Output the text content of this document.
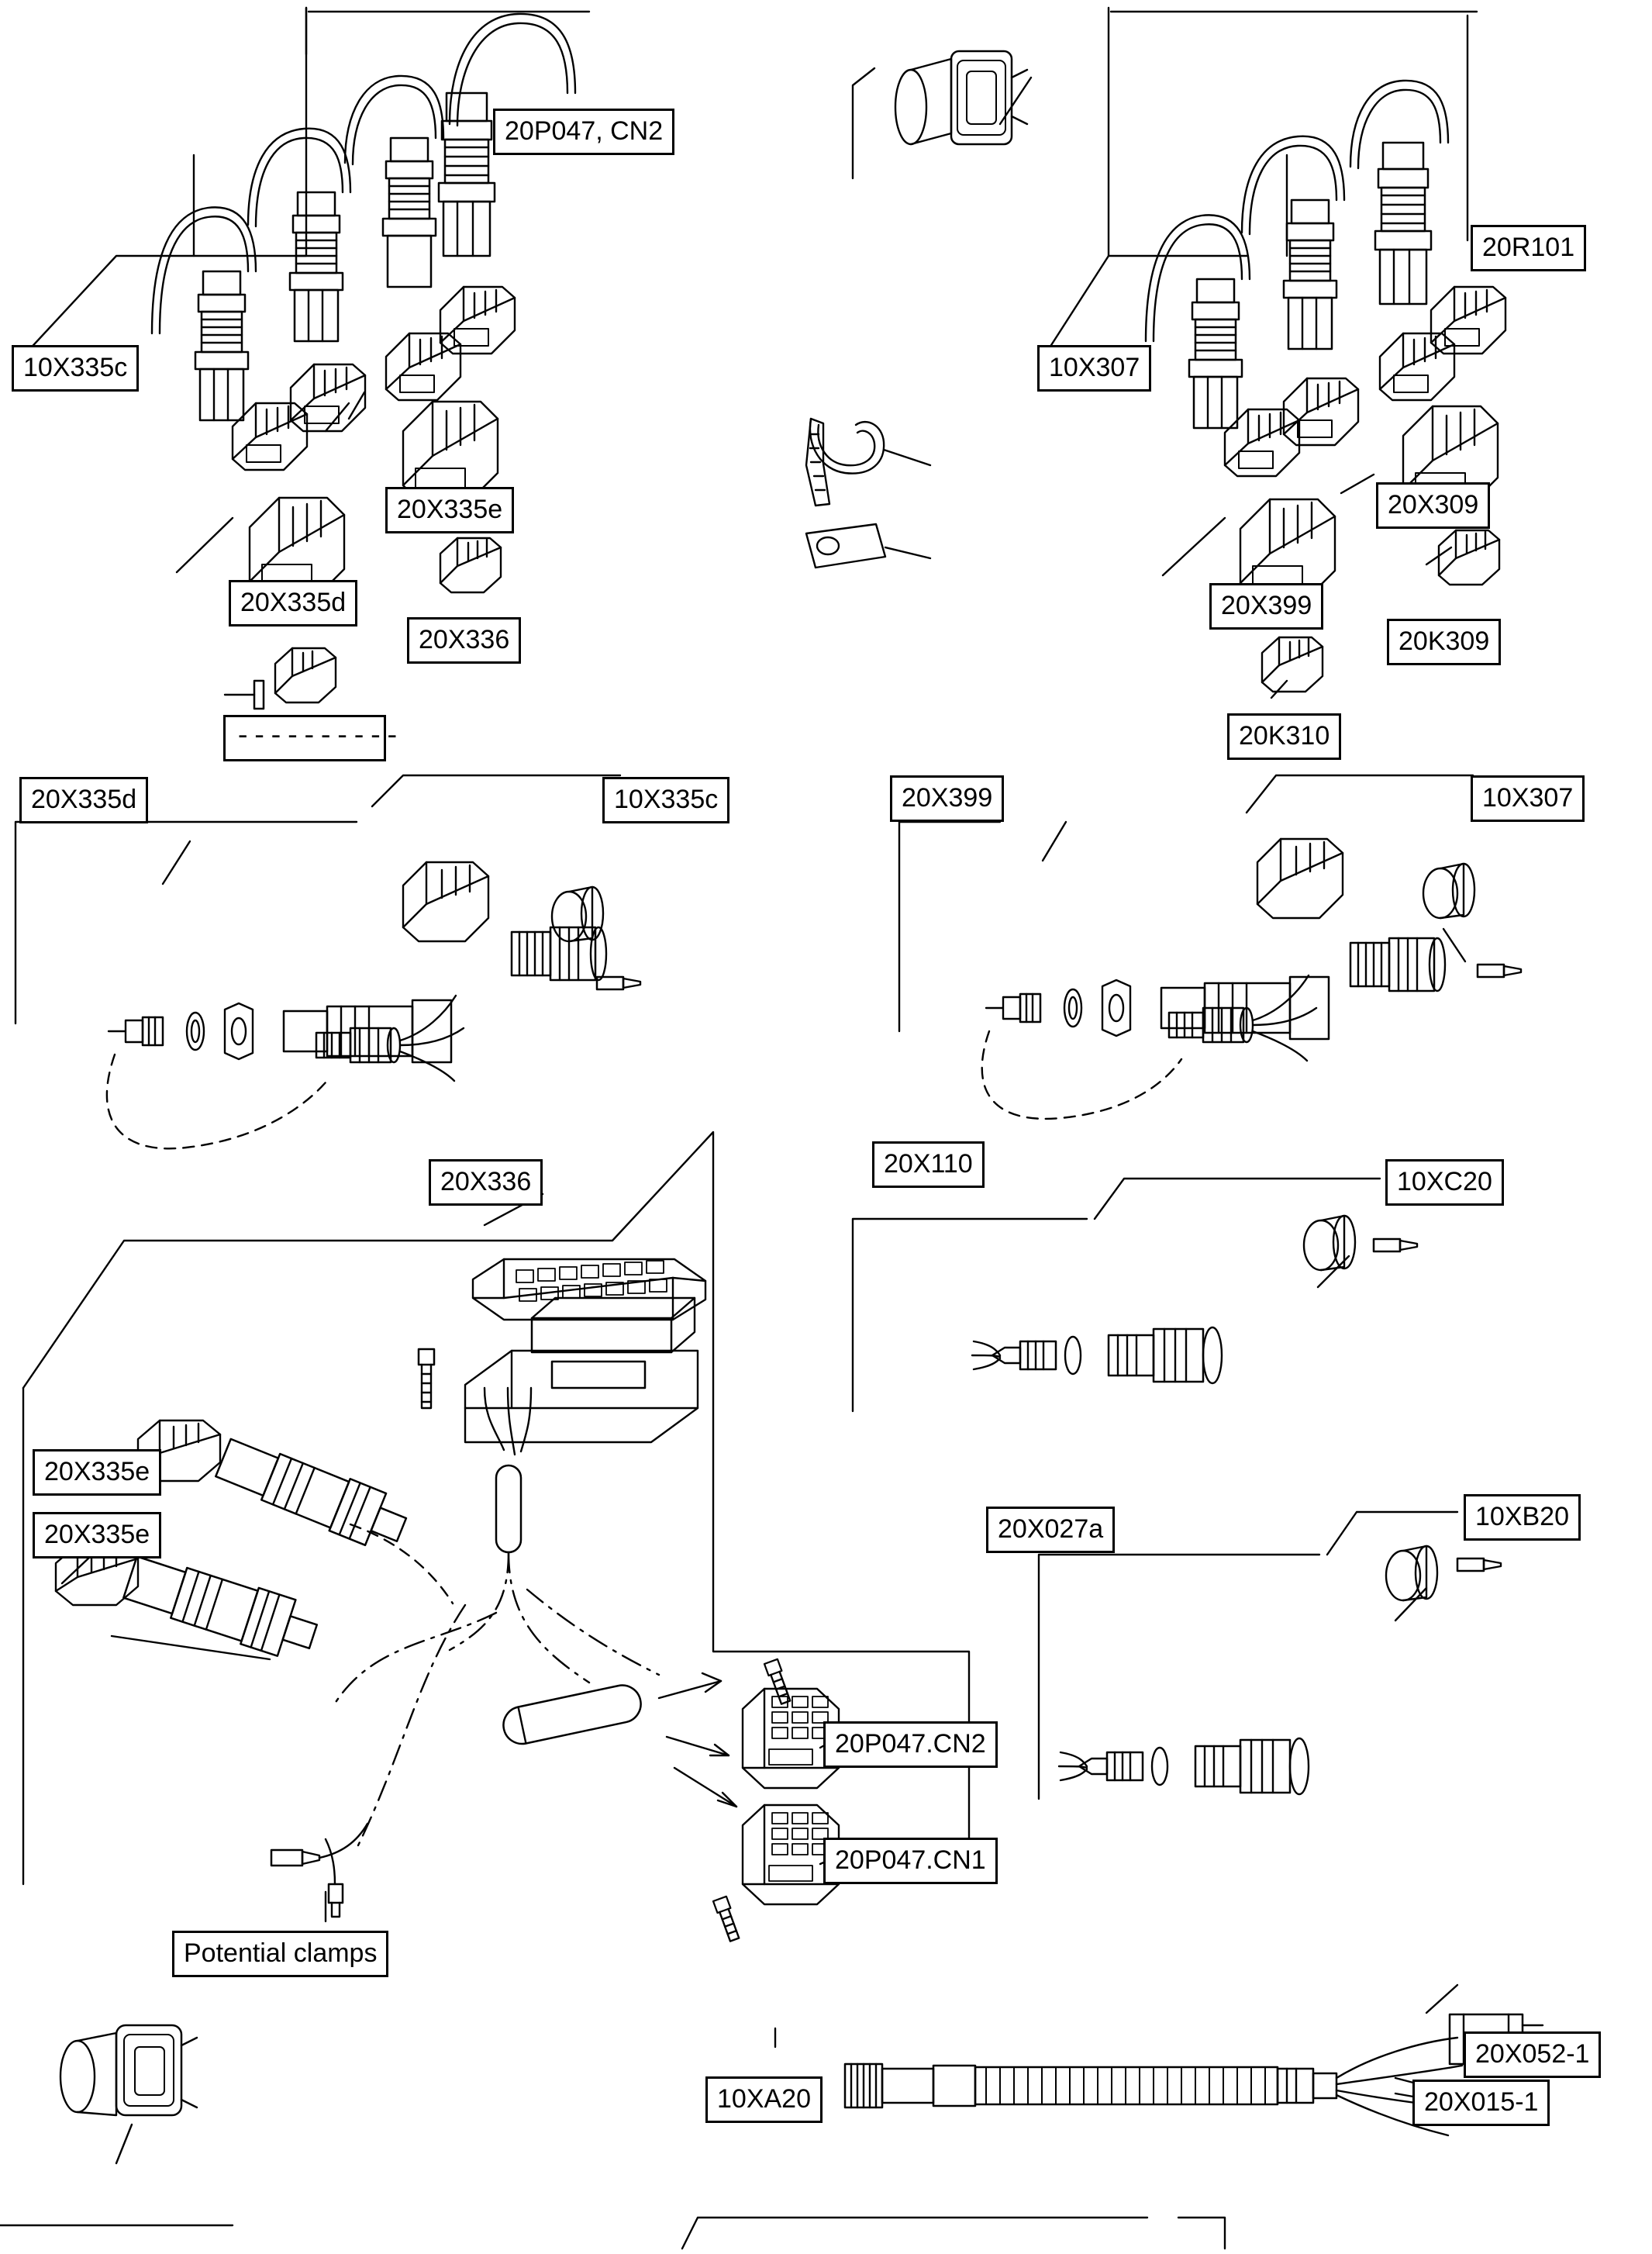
20P047, CN2
20R101
10X335c	10X307
20X335e	20X309
20X335d	20X399
20X336	20K309
----------	20K310
20X335d	10X335c	20X399	10X307
20X110
20X336	10XC20
20X335e
20X027a	10XB20
20X335e
20P047.CN2
20P047.CN1
Potential clamps
20X052-1
10XA20	20X015-1
